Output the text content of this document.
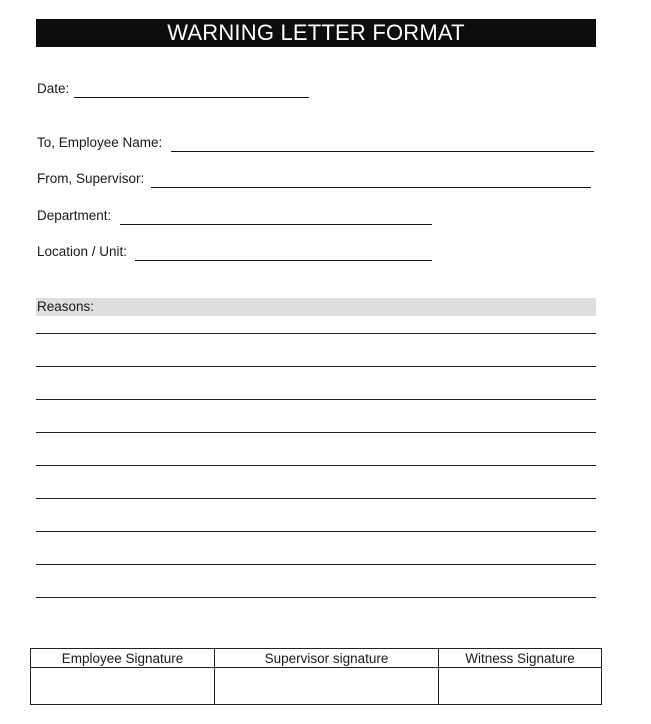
WARNING LETTER FORMAT
Date:
To, Employee Name:
From, Supervisor:
Department:
Location / Unit:
Reasons:
Employee Signature	Supervisor signature	Witness Signature
